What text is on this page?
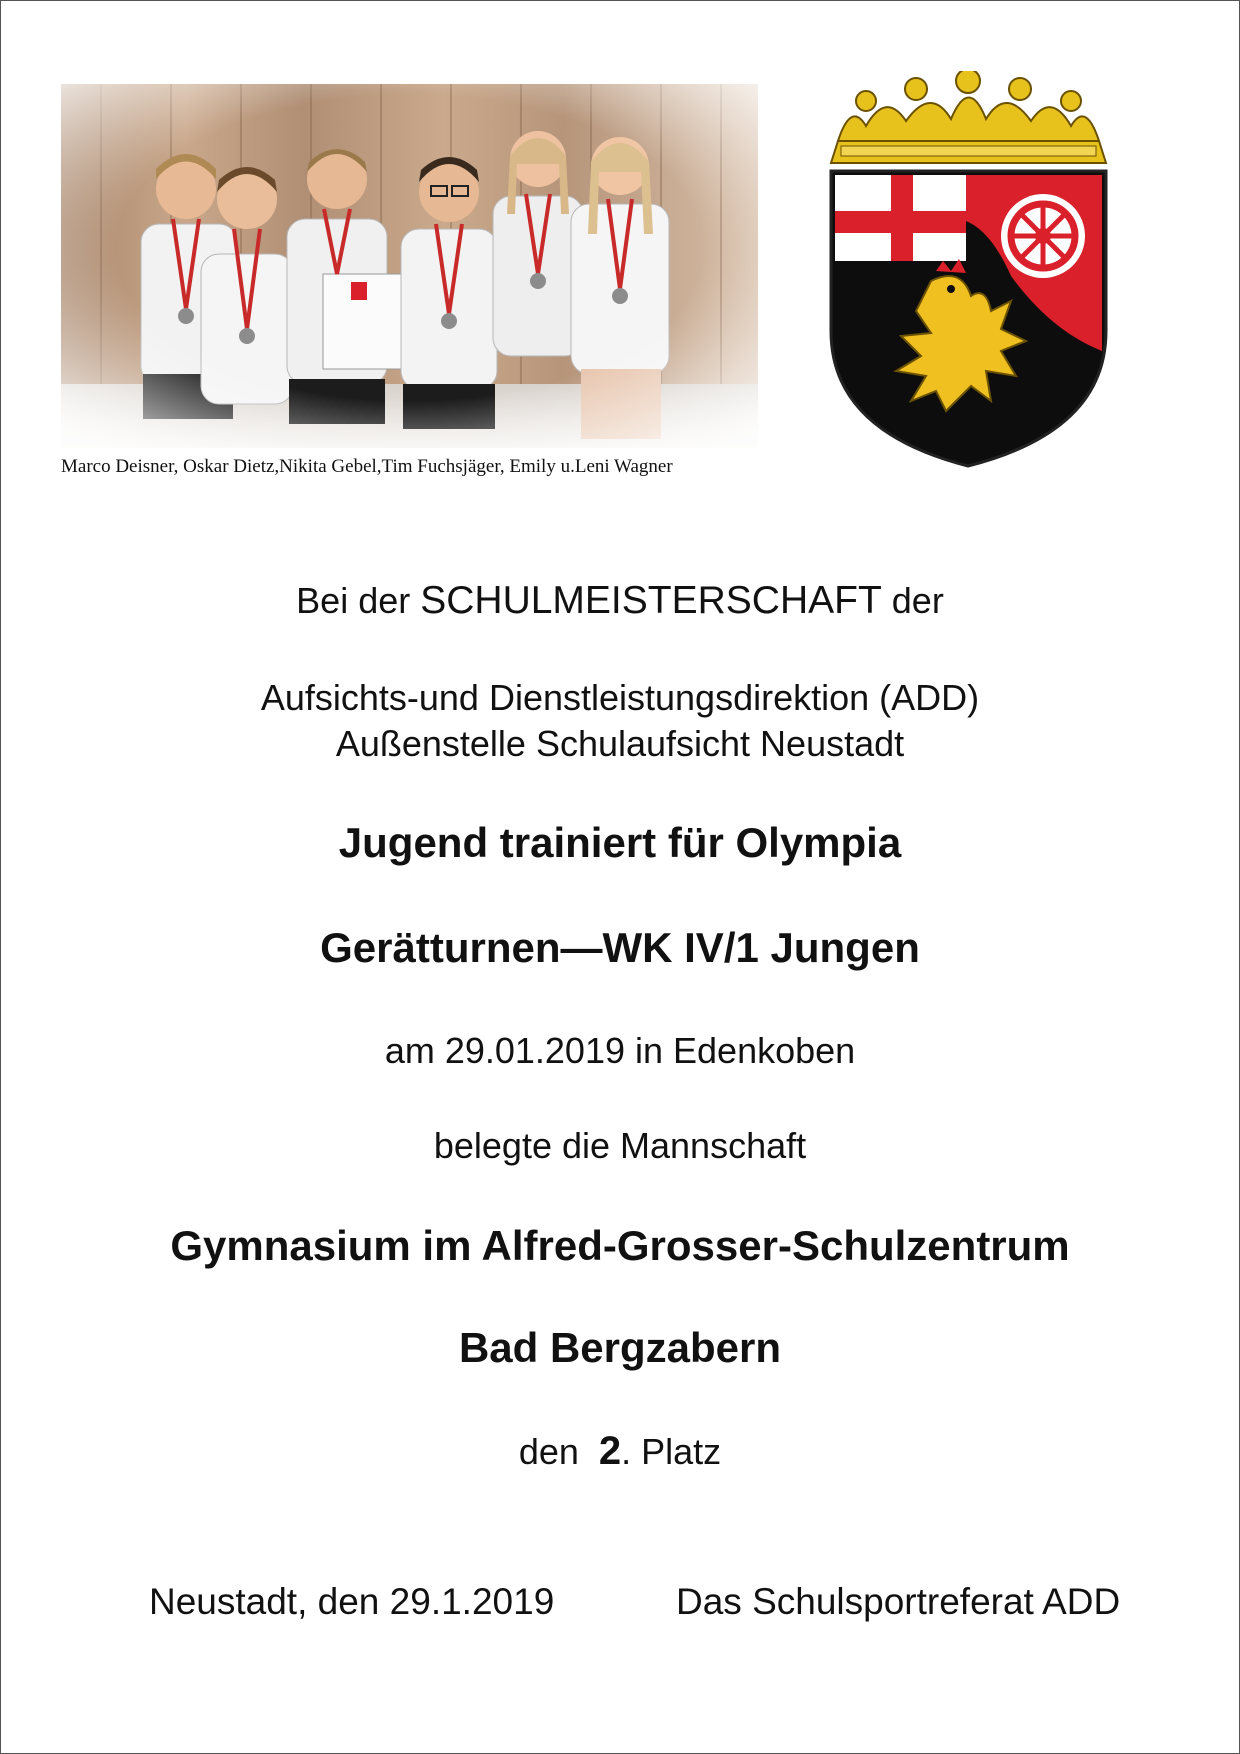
Marco Deisner, Oskar Dietz,Nikita Gebel,Tim Fuchsjäger, Emily u.Leni Wagner
Bei der SCHULMEISTERSCHAFT der
Aufsichts-und Dienstleistungsdirektion (ADD)
Außenstelle Schulaufsicht Neustadt
Jugend trainiert für Olympia
Gerätturnen—WK IV/1 Jungen
am 29.01.2019 in Edenkoben
belegte die Mannschaft
Gymnasium im Alfred-Grosser-Schulzentrum
Bad Bergzabern
den  2. Platz
Neustadt, den 29.1.2019	Das Schulsportreferat ADD
